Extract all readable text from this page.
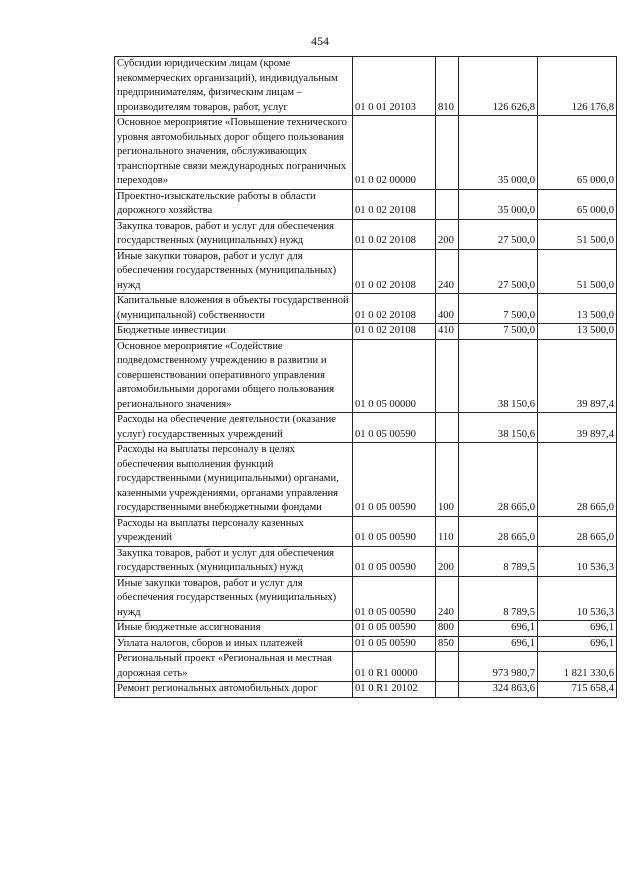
454
Субсидии юридическим лицам (кроме некоммерческих организаций), индивидуальным предпринимателям, физическим лицам – производителям товаров, работ, услуг	01 0 01 20103	810	126 626,8	126 176,8

Основное мероприятие «Повышение технического уровня автомобильных дорог общего пользования регионального значения, обслуживающих транспортные связи международных пограничных переходов»	01 0 02 00000		35 000,0	65 000,0

Проектно-изыскательские работы в области дорожного хозяйства	01 0 02 20108		35 000,0	65 000,0

Закупка товаров, работ и услуг для обеспечения государственных (муниципальных) нужд	01 0 02 20108	200	27 500,0	51 500,0

Иные закупки товаров, работ и услуг для обеспечения государственных (муниципальных) нужд	01 0 02 20108	240	27 500,0	51 500,0

Капитальные вложения в объекты государственной (муниципальной) собственности	01 0 02 20108	400	7 500,0	13 500,0

Бюджетные инвестиции	01 0 02 20108	410	7 500,0	13 500,0

Основное мероприятие «Содействие подведомственному учреждению в развитии и совершенствовании оперативного управления автомобильными дорогами общего пользования регионального значения»	01 0 05 00000		38 150,6	39 897,4

Расходы на обеспечение деятельности (оказание услуг) государственных учреждений	01 0 05 00590		38 150,6	39 897,4

Расходы на выплаты персоналу в целях обеспечения выполнения функций государственными (муниципальными) органами, казенными учреждениями, органами управления государственными внебюджетными фондами	01 0 05 00590	100	28 665,0	28 665,0

Расходы на выплаты персоналу казенных учреждений	01 0 05 00590	110	28 665,0	28 665,0

Закупка товаров, работ и услуг для обеспечения государственных (муниципальных) нужд	01 0 05 00590	200	8 789,5	10 536,3

Иные закупки товаров, работ и услуг для обеспечения государственных (муниципальных) нужд	01 0 05 00590	240	8 789,5	10 536,3

Иные бюджетные ассигнования	01 0 05 00590	800	696,1	696,1

Уплата налогов, сборов и иных платежей	01 0 05 00590	850	696,1	696,1

Региональный проект «Региональная и местная дорожная сеть»	01 0 R1 00000		973 980,7	1 821 330,6

Ремонт региональных автомобильных дорог	01 0 R1 20102		324 863,6	715 658,4
